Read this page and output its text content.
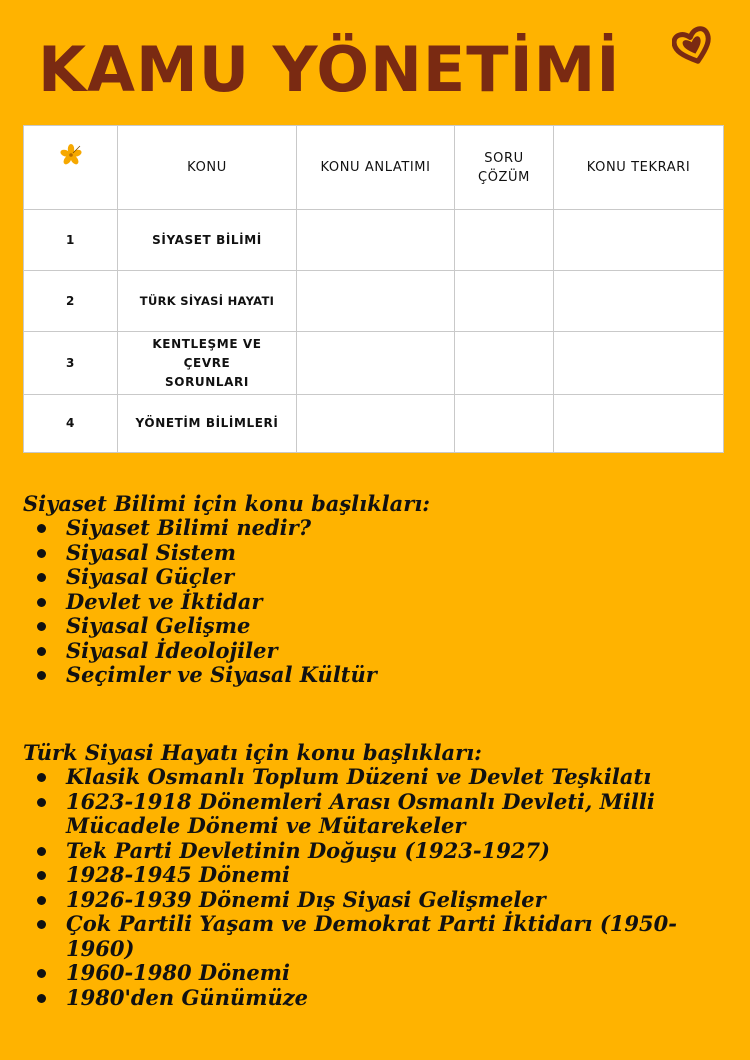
KAMU YÖNETİMİ
	KONU	KONU ANLATIMI	SORU ÇÖZÜM	KONU TEKRARI
1	SİYASET BİLİMİ			
2	TÜRK SİYASİ HAYATI			
3	KENTLEŞME VE ÇEVRE SORUNLARI			
4	YÖNETİM BİLİMLERİ			
Siyaset Bilimi için konu başlıkları:
Siyaset Bilimi nedir?
Siyasal Sistem
Siyasal Güçler
Devlet ve İktidar
Siyasal Gelişme
Siyasal İdeolojiler
Seçimler ve Siyasal Kültür
Türk Siyasi Hayatı için konu başlıkları:
Klasik Osmanlı Toplum Düzeni ve Devlet Teşkilatı
1623-1918 Dönemleri Arası Osmanlı Devleti, Milli Mücadele Dönemi ve Mütarekeler
Tek Parti Devletinin Doğuşu (1923-1927)
1928-1945 Dönemi
1926-1939 Dönemi Dış Siyasi Gelişmeler
Çok Partili Yaşam ve Demokrat Parti İktidarı (1950-1960)
1960-1980 Dönemi
1980'den Günümüze
